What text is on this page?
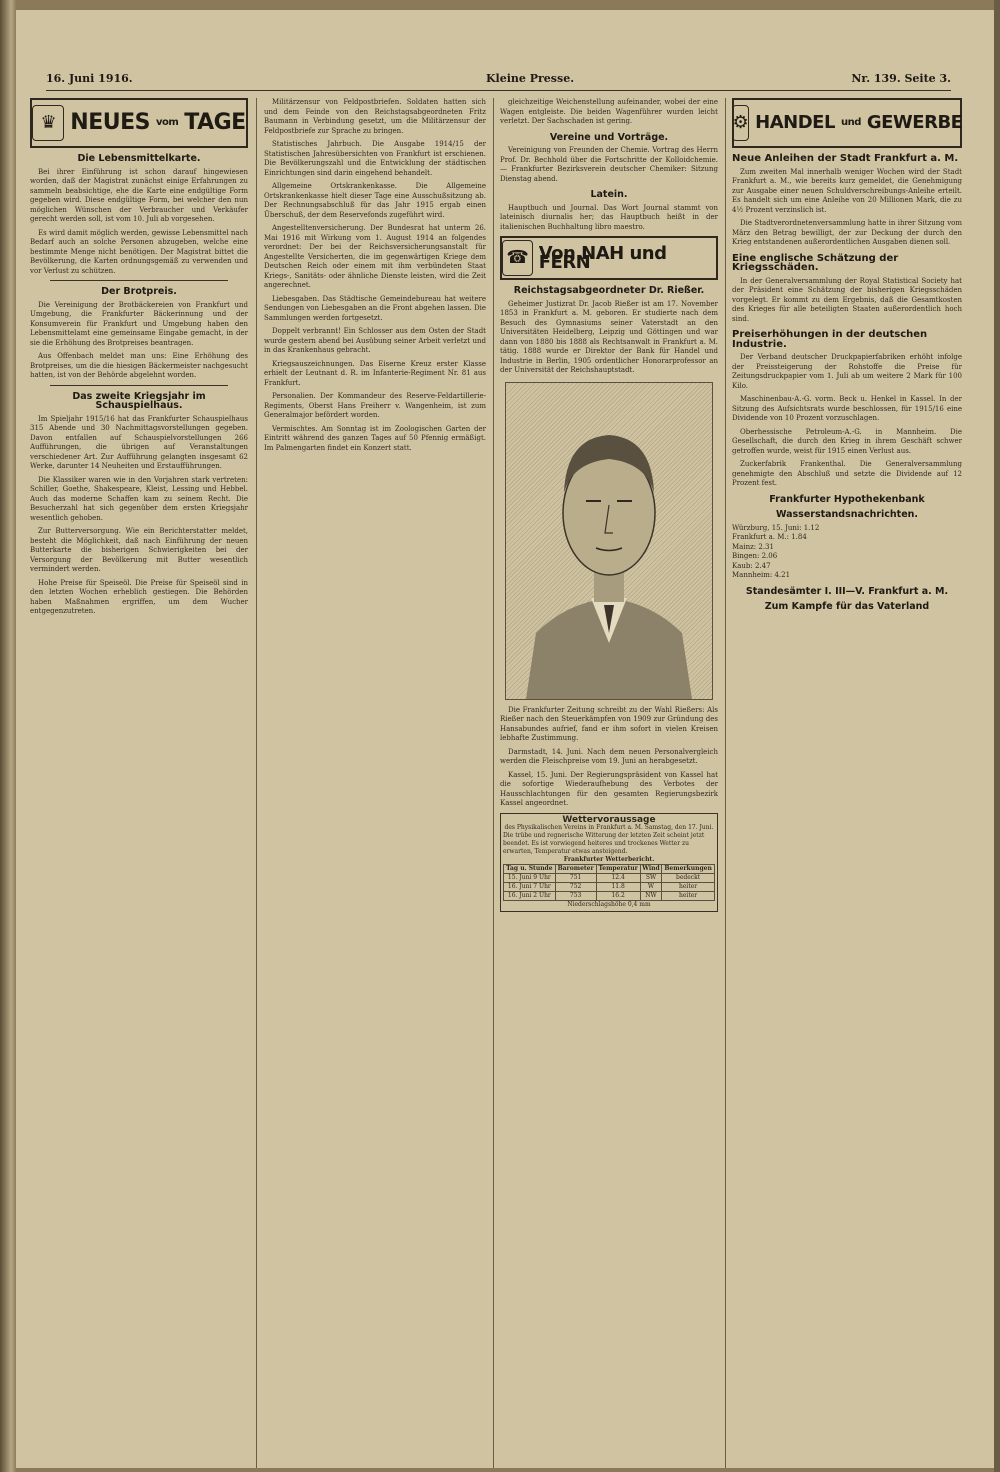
16. Juni 1916.	Kleine Presse.	Nr. 139. Seite 3.
♛ NEUES vom TAGE
Die Lebensmittelkarte.

Bei ihrer Einführung ist schon darauf hingewiesen worden, daß der Magistrat zunächst einige Erfahrungen zu sammeln beabsichtige, ehe die Karte eine endgültige Form gegeben wird. Diese endgültige Form, bei welcher den nun möglichen Wünschen der Verbraucher und Verkäufer gerecht werden soll, ist vom 10. Juli ab vorgesehen.

Es wird damit möglich werden, gewisse Lebensmittel nach Bedarf auch an solche Personen abzugeben, welche eine bestimmte Menge nicht benötigen. Der Magistrat bittet die Bevölkerung, die Karten ordnungsgemäß zu verwenden und vor Verlust zu schützen.

Der Brotpreis.

Die Vereinigung der Brotbäckereien von Frankfurt und Umgebung, die Frankfurter Bäckerinnung und der Konsumverein für Frankfurt und Umgebung haben den Lebensmittelamt eine gemeinsame Eingabe gemacht, in der sie die Erhöhung des Brotpreises beantragen.

Aus Offenbach meldet man uns: Eine Erhöhung des Brotpreises, um die die hiesigen Bäckermeister nachgesucht hatten, ist von der Behörde abgelehnt worden.

Das zweite Kriegsjahr im Schauspielhaus.

Im Spieljahr 1915/16 hat das Frankfurter Schauspielhaus 315 Abende und 30 Nachmittagsvorstellungen gegeben. Davon entfallen auf Schauspielvorstellungen 266 Aufführungen, die übrigen auf Veranstaltungen verschiedener Art. Zur Aufführung gelangten insgesamt 62 Werke, darunter 14 Neuheiten und Erstaufführungen.

Die Klassiker waren wie in den Vorjahren stark vertreten: Schiller, Goethe, Shakespeare, Kleist, Lessing und Hebbel. Auch das moderne Schaffen kam zu seinem Recht. Die Besucherzahl hat sich gegenüber dem ersten Kriegsjahr wesentlich gehoben.

Zur Butterversorgung. Wie ein Berichterstatter meldet, besteht die Möglichkeit, daß nach Einführung der neuen Butterkarte die bisherigen Schwierigkeiten bei der Versorgung der Bevölkerung mit Butter wesentlich vermindert werden.

Hohe Preise für Speiseöl. Die Preise für Speiseöl sind in den letzten Wochen erheblich gestiegen. Die Behörden haben Maßnahmen ergriffen, um dem Wucher entgegenzutreten.

Militärzensur von Feldpostbriefen. Soldaten hatten sich und dem Feinde von den Reichstagsabgeordneten Fritz Baumann in Verbindung gesetzt, um die Militärzensur der Feldpostbriefe zur Sprache zu bringen.

Statistisches Jahrbuch. Die Ausgabe 1914/15 der Statistischen Jahresübersichten von Frankfurt ist erschienen. Die Bevölkerungszahl und die Entwicklung der städtischen Einrichtungen sind darin eingehend behandelt.

Allgemeine Ortskrankenkasse. Die Allgemeine Ortskrankenkasse hielt dieser Tage eine Ausschußsitzung ab. Der Rechnungsabschluß für das Jahr 1915 ergab einen Überschuß, der dem Reservefonds zugeführt wird.

Angestelltenversicherung. Der Bundesrat hat unterm 26. Mai 1916 mit Wirkung vom 1. August 1914 an folgendes verordnet: Der bei der Reichsversicherungsanstalt für Angestellte Versicherten, die im gegenwärtigen Kriege dem Deutschen Reich oder einem mit ihm verbündeten Staat Kriegs-, Sanitäts- oder ähnliche Dienste leisten, wird die Zeit angerechnet.

Liebesgaben. Das Städtische Gemeindebureau hat weitere Sendungen von Liebesgaben an die Front abgehen lassen. Die Sammlungen werden fortgesetzt.

Doppelt verbrannt! Ein Schlosser aus dem Osten der Stadt wurde gestern abend bei Ausübung seiner Arbeit verletzt und in das Krankenhaus gebracht.

Kriegsauszeichnungen. Das Eiserne Kreuz erster Klasse erhielt der Leutnant d. R. im Infanterie-Regiment Nr. 81 aus Frankfurt.

Personalien. Der Kommandeur des Reserve-Feldartillerie-Regiments, Oberst Hans Freiherr v. Wangenheim, ist zum Generalmajor befördert worden.

Vermischtes. Am Sonntag ist im Zoologischen Garten der Eintritt während des ganzen Tages auf 50 Pfennig ermäßigt. Im Palmengarten findet ein Konzert statt.

gleichzeitige Weichenstellung aufeinander, wobei der eine Wagen entgleiste. Die beiden Wagenführer wurden leicht verletzt. Der Sachschaden ist gering.

Vereine und Vorträge.

Vereinigung von Freunden der Chemie. Vortrag des Herrn Prof. Dr. Bechhold über die Fortschritte der Kolloidchemie. — Frankfurter Bezirksverein deutscher Chemiker: Sitzung Dienstag abend.

Latein.

Hauptbuch und Journal. Das Wort Journal stammt von lateinisch diurnalis her; das Hauptbuch heißt in der italienischen Buchhaltung libro maestro.

☎ Von NAH und FERN
Reichstagsabgeordneter Dr. Rießer.

Geheimer Justizrat Dr. Jacob Rießer ist am 17. November 1853 in Frankfurt a. M. geboren. Er studierte nach dem Besuch des Gymnasiums seiner Vaterstadt an den Universitäten Heidelberg, Leipzig und Göttingen und war dann von 1880 bis 1888 als Rechtsanwalt in Frankfurt a. M. tätig. 1888 wurde er Direktor der Bank für Handel und Industrie in Berlin, 1905 ordentlicher Honorarprofessor an der Universität der Reichshauptstadt.

Die Frankfurter Zeitung schreibt zu der Wahl Rießers: Als Rießer nach den Steuerkämpfen von 1909 zur Gründung des Hansabundes aufrief, fand er ihm sofort in vielen Kreisen lebhafte Zustimmung.

Darmstadt, 14. Juni. Nach dem neuen Personalvergleich werden die Fleischpreise vom 19. Juni an herabgesetzt.

Kassel, 15. Juni. Der Regierungspräsident von Kassel hat die sofortige Wiederaufhebung des Verbotes der Hausschlachtungen für den gesamten Regierungsbezirk Kassel angeordnet.

Wettervoraussage
des Physikalischen Vereins in Frankfurt a. M. Samstag, den 17. Juni.
Die trübe und regnerische Witterung der letzten Zeit scheint jetzt beendet. Es ist vorwiegend heiteres und trockenes Wetter zu erwarten, Temperatur etwas ansteigend.
Frankfurter Wetterbericht.
Tag u. Stunde	Barometer	Temperatur	Wind	Bemerkungen
15. Juni 9 Uhr	751	12.4	SW	bedeckt
16. Juni 7 Uhr	752	11.8	W	heiter
16. Juni 2 Uhr	753	16.2	NW	heiter
Niederschlagshöhe 0,4 mm
⚙ HANDEL und GEWERBE
Neue Anleihen der Stadt Frankfurt a. M.

Zum zweiten Mal innerhalb weniger Wochen wird der Stadt Frankfurt a. M., wie bereits kurz gemeldet, die Genehmigung zur Ausgabe einer neuen Schuldverschreibungs-Anleihe erteilt. Es handelt sich um eine Anleihe von 20 Millionen Mark, die zu 4½ Prozent verzinslich ist.

Die Stadtverordnetenversammlung hatte in ihrer Sitzung vom März den Betrag bewilligt, der zur Deckung der durch den Krieg entstandenen außerordentlichen Ausgaben dienen soll.

Eine englische Schätzung der Kriegsschäden.

In der Generalversammlung der Royal Statistical Society hat der Präsident eine Schätzung der bisherigen Kriegsschäden vorgelegt. Er kommt zu dem Ergebnis, daß die Gesamtkosten des Krieges für alle beteiligten Staaten außerordentlich hoch sind.

Preiserhöhungen in der deutschen Industrie.

Der Verband deutscher Druckpapierfabriken erhöht infolge der Preissteigerung der Rohstoffe die Preise für Zeitungsdruckpapier vom 1. Juli ab um weitere 2 Mark für 100 Kilo.

Maschinenbau-A.-G. vorm. Beck u. Henkel in Kassel. In der Sitzung des Aufsichtsrats wurde beschlossen, für 1915/16 eine Dividende von 10 Prozent vorzuschlagen.

Oberhessische Petroleum-A.-G. in Mannheim. Die Gesellschaft, die durch den Krieg in ihrem Geschäft schwer getroffen wurde, weist für 1915 einen Verlust aus.

Zuckerfabrik Frankenthal. Die Generalversammlung genehmigte den Abschluß und setzte die Dividende auf 12 Prozent fest.

Frankfurter Hypothekenbank
Wasserstandsnachrichten.
Würzburg, 15. Juni: 1.12
Frankfurt a. M.: 1.84
Mainz: 2.31
Bingen: 2.06
Kaub: 2.47
Mannheim: 4.21
Standesämter I. III—V. Frankfurt a. M.
Zum Kampfe für das Vaterland
